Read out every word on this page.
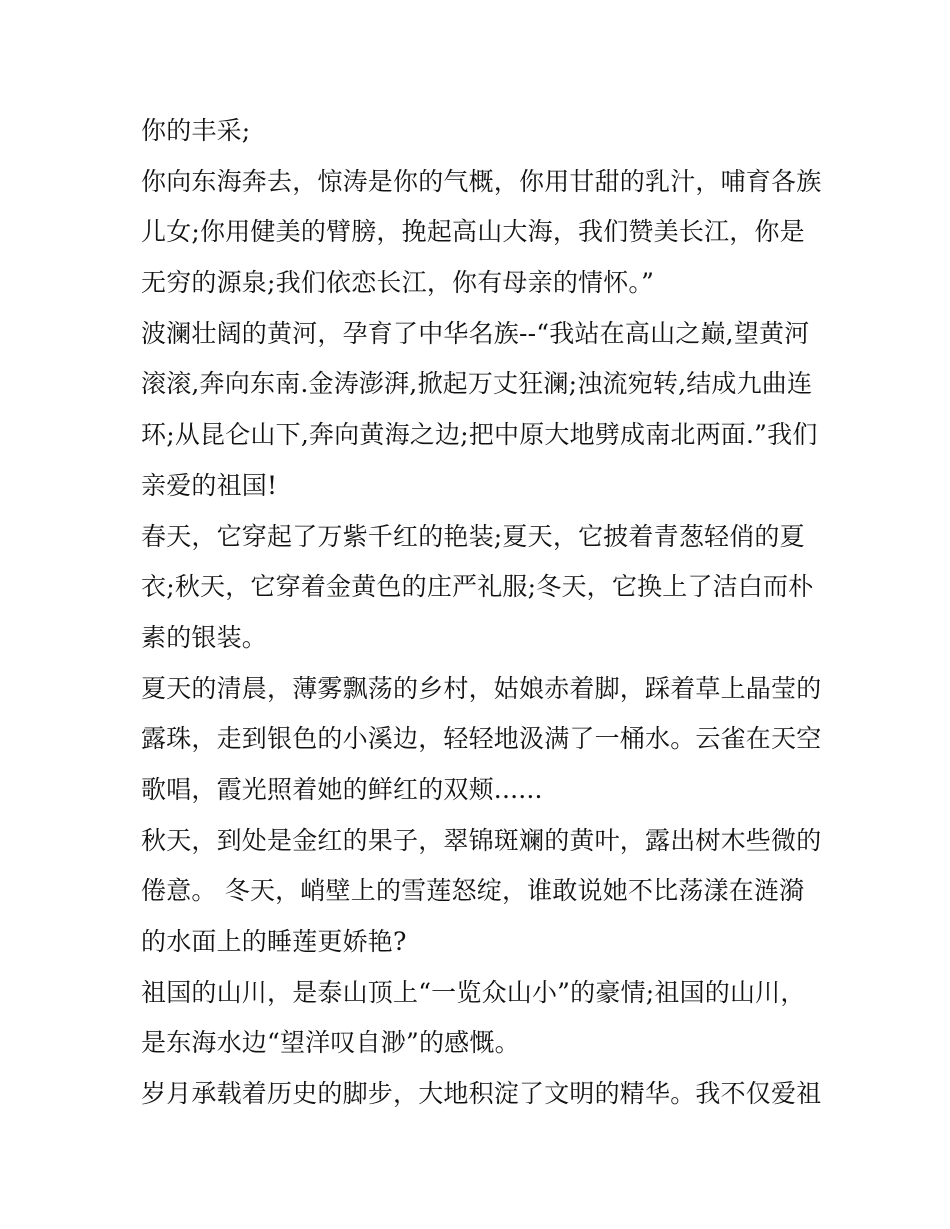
你的丰采;
你向东海奔去，惊涛是你的气概，你用甘甜的乳汁，哺育各族
儿女;你用健美的臂膀，挽起高山大海，我们赞美长江，你是
无穷的源泉;我们依恋长江，你有母亲的情怀。”
波澜壮阔的黄河，孕育了中华名族--“我站在高山之巅,望黄河
滚滚,奔向东南.金涛澎湃,掀起万丈狂澜;浊流宛转,结成九曲连
环;从昆仑山下,奔向黄海之边;把中原大地劈成南北两面.”我们
亲爱的祖国!
春天，它穿起了万紫千红的艳装;夏天，它披着青葱轻俏的夏
衣;秋天，它穿着金黄色的庄严礼服;冬天，它换上了洁白而朴
素的银装。
夏天的清晨，薄雾飘荡的乡村，姑娘赤着脚，踩着草上晶莹的
露珠，走到银色的小溪边，轻轻地汲满了一桶水。云雀在天空
歌唱，霞光照着她的鲜红的双颊......
秋天，到处是金红的果子，翠锦斑斓的黄叶，露出树木些微的
倦意。 冬天，峭壁上的雪莲怒绽，谁敢说她不比荡漾在涟漪
的水面上的睡莲更娇艳?
祖国的山川，是泰山顶上“一览众山小”的豪情;祖国的山川，
是东海水边“望洋叹自渺”的感慨。
岁月承载着历史的脚步，大地积淀了文明的精华。我不仅爱祖
